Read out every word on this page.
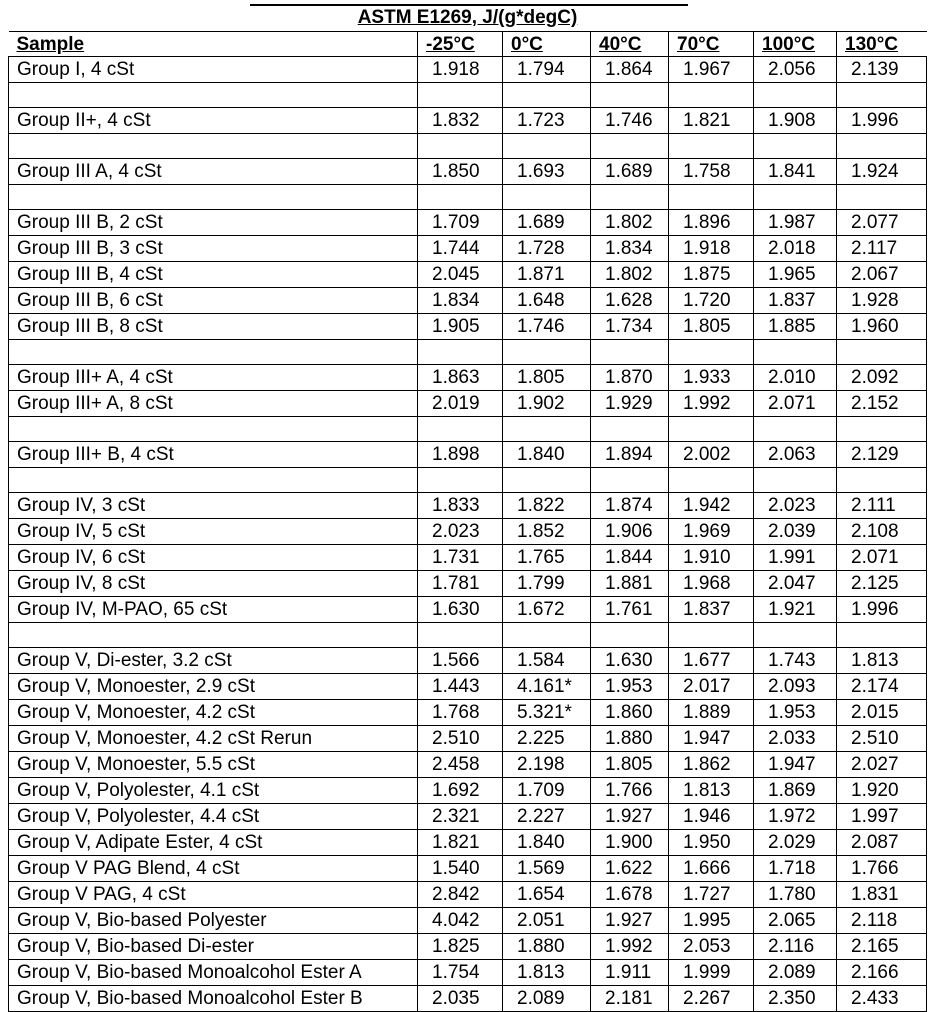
ASTM E1269, J/(g*degC)						
Sample	-25°C	0°C	40°C	70°C	100°C	130°C
Group I, 4 cSt	1.918	1.794	1.864	1.967	2.056	2.139

Group II+, 4 cSt	1.832	1.723	1.746	1.821	1.908	1.996

Group III A, 4 cSt	1.850	1.693	1.689	1.758	1.841	1.924

Group III B, 2 cSt	1.709	1.689	1.802	1.896	1.987	2.077
Group III B, 3 cSt	1.744	1.728	1.834	1.918	2.018	2.117
Group III B, 4 cSt	2.045	1.871	1.802	1.875	1.965	2.067
Group III B, 6 cSt	1.834	1.648	1.628	1.720	1.837	1.928
Group III B, 8 cSt	1.905	1.746	1.734	1.805	1.885	1.960

Group III+ A, 4 cSt	1.863	1.805	1.870	1.933	2.010	2.092
Group III+ A, 8 cSt	2.019	1.902	1.929	1.992	2.071	2.152

Group III+ B, 4 cSt	1.898	1.840	1.894	2.002	2.063	2.129

Group IV, 3 cSt	1.833	1.822	1.874	1.942	2.023	2.111
Group IV, 5 cSt	2.023	1.852	1.906	1.969	2.039	2.108
Group IV, 6 cSt	1.731	1.765	1.844	1.910	1.991	2.071
Group IV, 8 cSt	1.781	1.799	1.881	1.968	2.047	2.125
Group IV, M-PAO, 65 cSt	1.630	1.672	1.761	1.837	1.921	1.996

Group V, Di-ester, 3.2 cSt	1.566	1.584	1.630	1.677	1.743	1.813
Group V, Monoester, 2.9 cSt	1.443	4.161*	1.953	2.017	2.093	2.174
Group V, Monoester, 4.2 cSt	1.768	5.321*	1.860	1.889	1.953	2.015
Group V, Monoester, 4.2 cSt Rerun	2.510	2.225	1.880	1.947	2.033	2.510
Group V, Monoester, 5.5 cSt	2.458	2.198	1.805	1.862	1.947	2.027
Group V, Polyolester, 4.1 cSt	1.692	1.709	1.766	1.813	1.869	1.920
Group V, Polyolester, 4.4 cSt	2.321	2.227	1.927	1.946	1.972	1.997
Group V, Adipate Ester, 4 cSt	1.821	1.840	1.900	1.950	2.029	2.087
Group V PAG Blend, 4 cSt	1.540	1.569	1.622	1.666	1.718	1.766
Group V PAG, 4 cSt	2.842	1.654	1.678	1.727	1.780	1.831
Group V, Bio-based Polyester	4.042	2.051	1.927	1.995	2.065	2.118
Group V, Bio-based Di-ester	1.825	1.880	1.992	2.053	2.116	2.165
Group V, Bio-based Monoalcohol Ester A	1.754	1.813	1.911	1.999	2.089	2.166
Group V, Bio-based Monoalcohol Ester B	2.035	2.089	2.181	2.267	2.350	2.433
